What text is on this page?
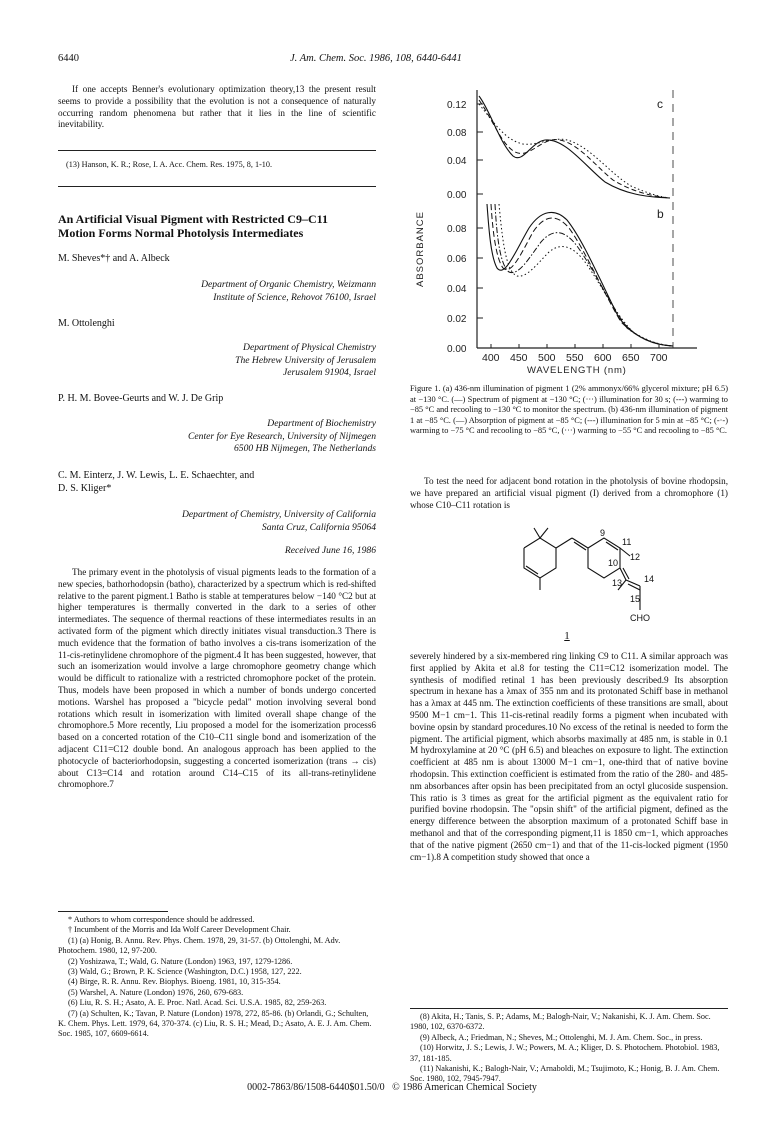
6440	J. Am. Chem. Soc. 1986, 108, 6440-6441

If one accepts Benner's evolutionary optimization theory,13 the present result seems to provide a possibility that the evolution is not a consequence of naturally occurring random phenomena but rather that it lies in the line of scientific inevitability.

(13) Hanson, K. R.; Rose, I. A. Acc. Chem. Res. 1975, 8, 1-10.
An Artificial Visual Pigment with Restricted C9–C11 Motion Forms Normal Photolysis Intermediates
M. Sheves*† and A. Albeck
Department of Organic Chemistry, Weizmann
Institute of Science, Rehovot 76100, Israel
M. Ottolenghi
Department of Physical Chemistry
The Hebrew University of Jerusalem
Jerusalem 91904, Israel
P. H. M. Bovee-Geurts and W. J. De Grip
Department of Biochemistry
Center for Eye Research, University of Nijmegen
6500 HB Nijmegen, The Netherlands
C. M. Einterz, J. W. Lewis, L. E. Schaechter, and
D. S. Kliger*
Department of Chemistry, University of California
Santa Cruz, California 95064
Received June 16, 1986

The primary event in the photolysis of visual pigments leads to the formation of a new species, bathorhodopsin (batho), characterized by a spectrum which is red-shifted relative to the parent pigment.1 Batho is stable at temperatures below −140 °C2 but at higher temperatures is thermally converted in the dark to a series of other intermediates. The sequence of thermal reactions of these intermediates results in an activated form of the pigment which directly initiates visual transduction.3 There is much evidence that the formation of batho involves a cis-trans isomerization of the 11-cis-retinylidene chromophore of the pigment.4 It has been suggested, however, that such an isomerization would involve a large chromophore geometry change which would be difficult to rationalize with a restricted chromophore pocket of the protein. Thus, models have been proposed in which a number of bonds undergo concerted motions. Warshel has proposed a "bicycle pedal" motion involving several bond rotations which result in isomerization with limited overall shape change of the chromophore.5 More recently, Liu proposed a model for the isomerization process6 based on a concerted rotation of the C10–C11 single bond and isomerization of the adjacent C11=C12 double bond. An analogous approach has been applied to the photocycle of bacteriorhodopsin, suggesting a concerted isomerization (trans → cis) about C13=C14 and rotation around C14–C15 of its all-trans-retinylidene chromophore.7

* Authors to whom correspondence should be addressed.

† Incumbent of the Morris and Ida Wolf Career Development Chair.

(1) (a) Honig, B. Annu. Rev. Phys. Chem. 1978, 29, 31-57. (b) Ottolenghi, M. Adv. Photochem. 1980, 12, 97-200.

(2) Yoshizawa, T.; Wald, G. Nature (London) 1963, 197, 1279-1286.

(3) Wald, G.; Brown, P. K. Science (Washington, D.C.) 1958, 127, 222.

(4) Birge, R. R. Annu. Rev. Biophys. Bioeng. 1981, 10, 315-354.

(5) Warshel, A. Nature (London) 1976, 260, 679-683.

(6) Liu, R. S. H.; Asato, A. E. Proc. Natl. Acad. Sci. U.S.A. 1985, 82, 259-263.

(7) (a) Schulten, K.; Tavan, P. Nature (London) 1978, 272, 85-86. (b) Orlandi, G.; Schulten, K. Chem. Phys. Lett. 1979, 64, 370-374. (c) Liu, R. S. H.; Mead, D.; Asato, A. E. J. Am. Chem. Soc. 1985, 107, 6609-6614.

ABSORBANCE
0.12
0.08
0.04
0.00
c
0.08
0.06
0.04
0.02
0.00
b
400 450 500 550 600 650 700
WAVELENGTH (nm)
Figure 1. (a) 436-nm illumination of pigment 1 (2% ammonyx/66% glycerol mixture; pH 6.5) at −130 °C. (—) Spectrum of pigment at −130 °C; (···) illumination for 30 s; (---) warming to −85 °C and recooling to −130 °C to monitor the spectrum. (b) 436-nm illumination of pigment 1 at −85 °C. (—) Absorption of pigment at −85 °C; (---) illumination for 5 min at −85 °C; (-·-) warming to −75 °C and recooling to −85 °C, (···) warming to −55 °C and recooling to −85 °C.

To test the need for adjacent bond rotation in the photolysis of bovine rhodopsin, we have prepared an artificial visual pigment (I) derived from a chromophore (1) whose C10–C11 rotation is

9
11
12
10
13 14
15
CHO
1

severely hindered by a six-membered ring linking C9 to C11. A similar approach was first applied by Akita et al.8 for testing the C11=C12 isomerization model. The synthesis of modified retinal 1 has been previously described.9 Its absorption spectrum in hexane has a λmax of 355 nm and its protonated Schiff base in methanol has a λmax at 445 nm. The extinction coefficients of these transitions are small, about 9500 M−1 cm−1. This 11-cis-retinal readily forms a pigment when incubated with bovine opsin by standard procedures.10 No excess of the retinal is needed to form the pigment. The artificial pigment, which absorbs maximally at 485 nm, is stable in 0.1 M hydroxylamine at 20 °C (pH 6.5) and bleaches on exposure to light. The extinction coefficient at 485 nm is about 13000 M−1 cm−1, one-third that of native bovine rhodopsin. This extinction coefficient is estimated from the ratio of the 280- and 485-nm absorbances after opsin has been precipitated from an octyl glucoside suspension. This ratio is 3 times as great for the artificial pigment as the equivalent ratio for purified bovine rhodopsin. The "opsin shift" of the artificial pigment, defined as the energy difference between the absorption maximum of a protonated Schiff base in methanol and that of the corresponding pigment,11 is 1850 cm−1, which approaches that of the native pigment (2650 cm−1) and that of the 11-cis-locked pigment (1950 cm−1).8 A competition study showed that once a

(8) Akita, H.; Tanis, S. P.; Adams, M.; Balogh-Nair, V.; Nakanishi, K. J. Am. Chem. Soc. 1980, 102, 6370-6372.

(9) Albeck, A.; Friedman, N.; Sheves, M.; Ottolenghi, M. J. Am. Chem. Soc., in press.

(10) Horwitz, J. S.; Lewis, J. W.; Powers, M. A.; Kliger, D. S. Photochem. Photobiol. 1983, 37, 181-185.

(11) Nakanishi, K.; Balogh-Nair, V.; Arnaboldi, M.; Tsujimoto, K.; Honig, B. J. Am. Chem. Soc. 1980, 102, 7945-7947.

0002-7863/86/1508-6440$01.50/0   © 1986 American Chemical Society
